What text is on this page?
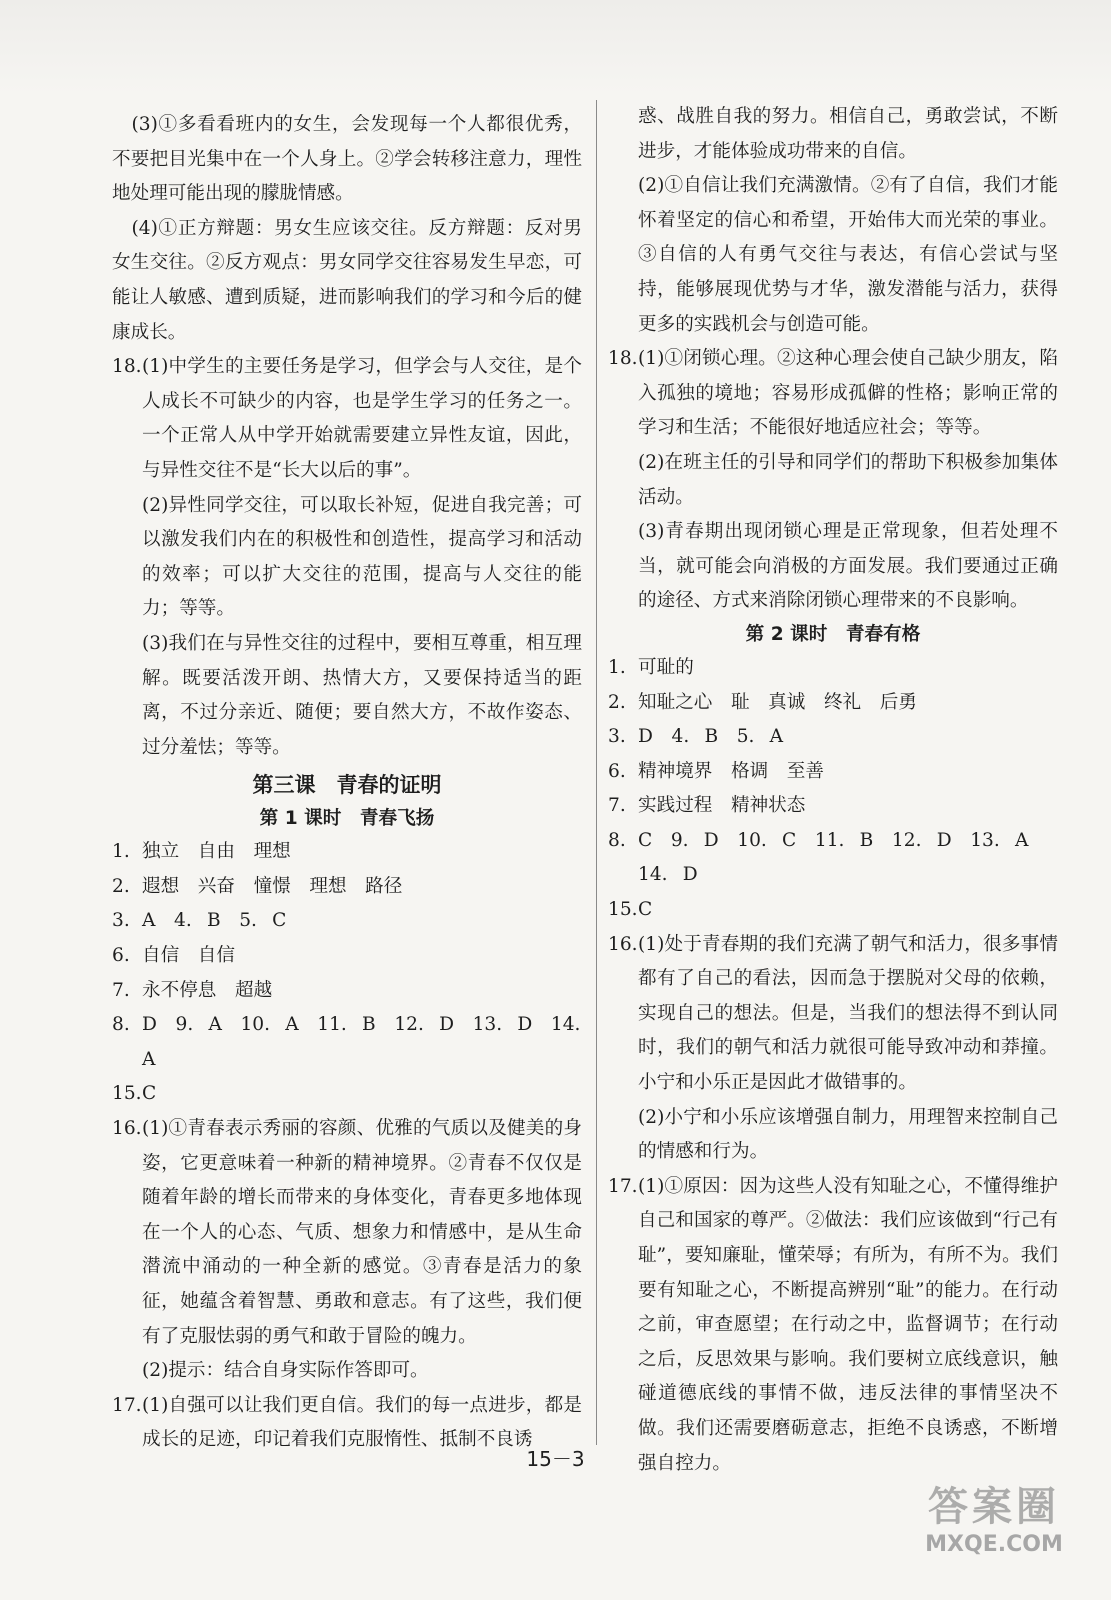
(3)①多看看班内的女生，会发现每一个人都很优秀，不要把目光集中在一个人身上。②学会转移注意力，理性地处理可能出现的朦胧情感。

(4)①正方辩题：男女生应该交往。反方辩题：反对男女生交往。②反方观点：男女同学交往容易发生早恋，可能让人敏感、遭到质疑，进而影响我们的学习和今后的健康成长。

18. (1)中学生的主要任务是学习，但学会与人交往，是个人成长不可缺少的内容，也是学生学习的任务之一。一个正常人从中学开始就需要建立异性友谊，因此，与异性交往不是“长大以后的事”。

(2)异性同学交往，可以取长补短，促进自我完善；可以激发我们内在的积极性和创造性，提高学习和活动的效率；可以扩大交往的范围，提高与人交往的能力；等等。

(3)我们在与异性交往的过程中，要相互尊重，相互理解。既要活泼开朗、热情大方，又要保持适当的距离，不过分亲近、随便；要自然大方，不故作姿态、过分羞怯；等等。

第三课　青春的证明
第 1 课时　青春飞扬

1. 独立　自由　理想

2. 遐想　兴奋　憧憬　理想　路径

3. A　4. B　5. C

6. 自信　自信

7. 永不停息　超越

8. D　9. A　10. A　11. B　12. D　13. D　14. A

15. C

16. (1)①青春表示秀丽的容颜、优雅的气质以及健美的身姿，它更意味着一种新的精神境界。②青春不仅仅是随着年龄的增长而带来的身体变化，青春更多地体现在一个人的心态、气质、想象力和情感中，是从生命潜流中涌动的一种全新的感觉。③青春是活力的象征，她蕴含着智慧、勇敢和意志。有了这些，我们便有了克服怯弱的勇气和敢于冒险的魄力。

(2)提示：结合自身实际作答即可。

17. (1)自强可以让我们更自信。我们的每一点进步，都是成长的足迹，印记着我们克服惰性、抵制不良诱

惑、战胜自我的努力。相信自己，勇敢尝试，不断进步，才能体验成功带来的自信。

(2)①自信让我们充满激情。②有了自信，我们才能怀着坚定的信心和希望，开始伟大而光荣的事业。③自信的人有勇气交往与表达，有信心尝试与坚持，能够展现优势与才华，激发潜能与活力，获得更多的实践机会与创造可能。

18. (1)①闭锁心理。②这种心理会使自己缺少朋友，陷入孤独的境地；容易形成孤僻的性格；影响正常的学习和生活；不能很好地适应社会；等等。

(2)在班主任的引导和同学们的帮助下积极参加集体活动。

(3)青春期出现闭锁心理是正常现象，但若处理不当，就可能会向消极的方面发展。我们要通过正确的途径、方式来消除闭锁心理带来的不良影响。

第 2 课时　青春有格

1. 可耻的

2. 知耻之心　耻　真诚　终礼　后勇

3. D　4. B　5. A

6. 精神境界　格调　至善

7. 实践过程　精神状态

8. C　9. D　10. C　11. B　12. D　13. A　14. D

15. C

16. (1)处于青春期的我们充满了朝气和活力，很多事情都有了自己的看法，因而急于摆脱对父母的依赖，实现自己的想法。但是，当我们的想法得不到认同时，我们的朝气和活力就很可能导致冲动和莽撞。小宁和小乐正是因此才做错事的。

(2)小宁和小乐应该增强自制力，用理智来控制自己的情感和行为。

17. (1)①原因：因为这些人没有知耻之心，不懂得维护自己和国家的尊严。②做法：我们应该做到“行己有耻”，要知廉耻，懂荣辱；有所为，有所不为。我们要有知耻之心，不断提高辨别“耻”的能力。在行动之前，审查愿望；在行动之中，监督调节；在行动之后，反思效果与影响。我们要树立底线意识，触碰道德底线的事情不做，违反法律的事情坚决不做。我们还需要磨砺意志，拒绝不良诱惑，不断增强自控力。

15－3
答案圈
MXQE.COM
